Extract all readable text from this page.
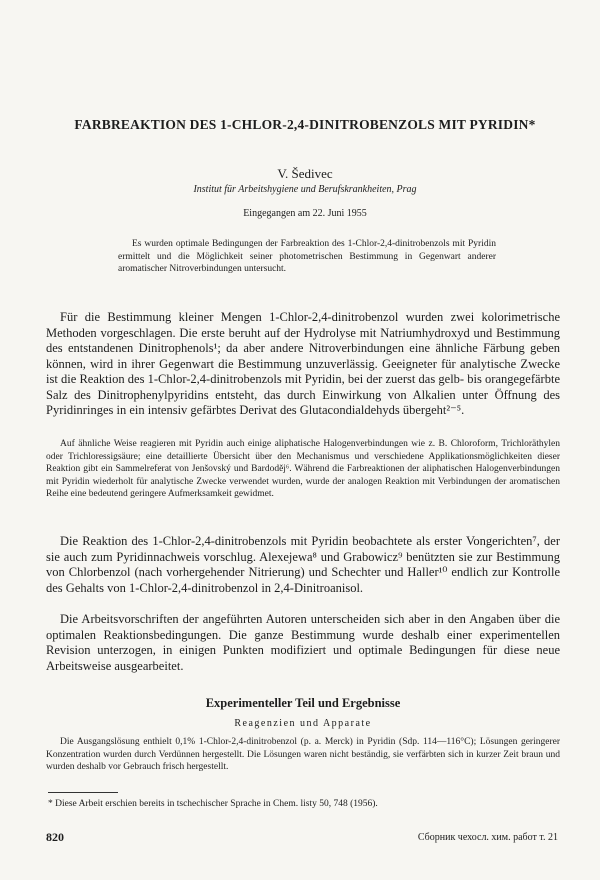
FARBREAKTION DES 1-CHLOR-2,4-DINITROBENZOLS MIT PYRIDIN*
V. Šedivec
Institut für Arbeitshygiene und Berufskrankheiten, Prag
Eingegangen am 22. Juni 1955
Es wurden optimale Bedingungen der Farbreaktion des 1-Chlor-2,4-dinitrobenzols mit Pyridin ermittelt und die Möglichkeit seiner photometrischen Bestimmung in Gegenwart anderer aromatischer Nitroverbindungen untersucht.
Für die Bestimmung kleiner Mengen 1-Chlor-2,4-dinitrobenzol wurden zwei kolorimetrische Methoden vorgeschlagen. Die erste beruht auf der Hydrolyse mit Natriumhydroxyd und Bestimmung des entstandenen Dinitrophenols¹; da aber andere Nitroverbindungen eine ähnliche Färbung geben können, wird in ihrer Gegenwart die Bestimmung unzuverlässig. Geeigneter für analytische Zwecke ist die Reaktion des 1-Chlor-2,4-dinitrobenzols mit Pyridin, bei der zuerst das gelb- bis orangegefärbte Salz des Dinitrophenylpyridins entsteht, das durch Einwirkung von Alkalien unter Öffnung des Pyridinringes in ein intensiv gefärbtes Derivat des Glutacondialdehyds übergeht²⁻⁵.
Auf ähnliche Weise reagieren mit Pyridin auch einige aliphatische Halogenverbindungen wie z. B. Chloroform, Trichloräthylen oder Trichloressigsäure; eine detaillierte Übersicht über den Mechanismus und verschiedene Applikationsmöglichkeiten dieser Reaktion gibt ein Sammelreferat von Jenšovský und Bardoděj⁶. Während die Farbreaktionen der aliphatischen Halogenverbindungen mit Pyridin wiederholt für analytische Zwecke verwendet wurden, wurde der analogen Reaktion mit Verbindungen der aromatischen Reihe eine bedeutend geringere Aufmerksamkeit gewidmet.
Die Reaktion des 1-Chlor-2,4-dinitrobenzols mit Pyridin beobachtete als erster Vongerichten⁷, der sie auch zum Pyridinnachweis vorschlug. Alexejewa⁸ und Grabowicz⁹ benützten sie zur Bestimmung von Chlorbenzol (nach vorhergehender Nitrierung) und Schechter und Haller¹⁰ endlich zur Kontrolle des Gehalts von 1-Chlor-2,4-dinitrobenzol in 2,4-Dinitroanisol.
Die Arbeitsvorschriften der angeführten Autoren unterscheiden sich aber in den Angaben über die optimalen Reaktionsbedingungen. Die ganze Bestimmung wurde deshalb einer experimentellen Revision unterzogen, in einigen Punkten modifiziert und optimale Bedingungen für diese neue Arbeitsweise ausgearbeitet.
Experimenteller Teil und Ergebnisse
Reagenzien und Apparate
Die Ausgangslösung enthielt 0,1% 1-Chlor-2,4-dinitrobenzol (p. a. Merck) in Pyridin (Sdp. 114—116°C); Lösungen geringerer Konzentration wurden durch Verdünnen hergestellt. Die Lösungen waren nicht beständig, sie verfärbten sich in kurzer Zeit braun und wurden deshalb vor Gebrauch frisch hergestellt.
* Diese Arbeit erschien bereits in tschechischer Sprache in Chem. listy 50, 748 (1956).
820	Сборник чехосл. хим. работ т. 21
